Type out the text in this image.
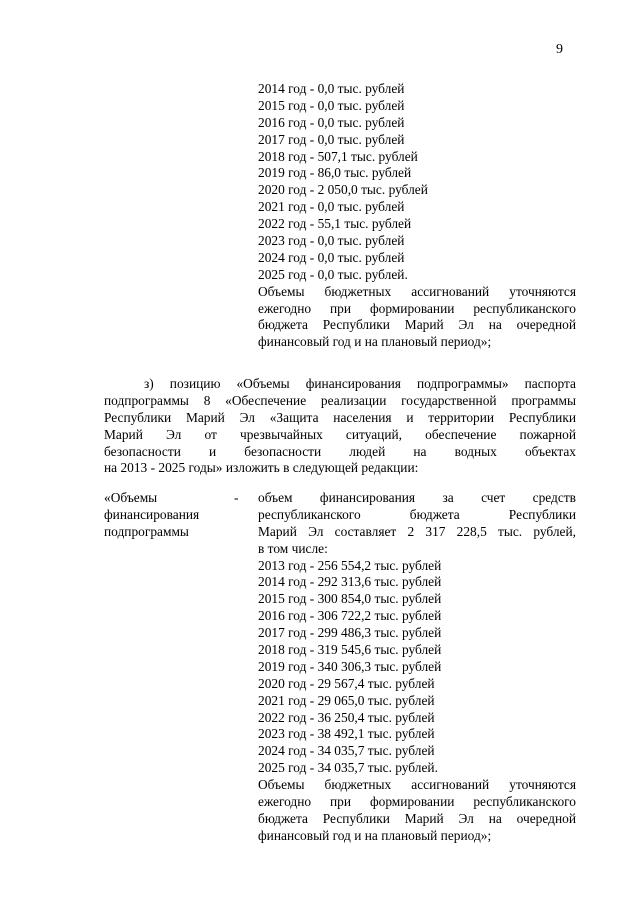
9
2014 год - 0,0 тыс. рублей
2015 год - 0,0 тыс. рублей
2016 год - 0,0 тыс. рублей
2017 год - 0,0 тыс. рублей
2018 год - 507,1 тыс. рублей
2019 год - 86,0 тыс. рублей
2020 год - 2 050,0 тыс. рублей
2021 год - 0,0 тыс. рублей
2022 год - 55,1 тыс. рублей
2023 год - 0,0 тыс. рублей
2024 год - 0,0 тыс. рублей
2025 год - 0,0 тыс. рублей.
Объемы бюджетных ассигнований уточняются
ежегодно при формировании республиканского
бюджета Республики Марий Эл на очередной
финансовый год и на плановый период»;
з) позицию «Объемы финансирования подпрограммы» паспорта
подпрограммы 8 «Обеспечение реализации государственной программы
Республики Марий Эл «Защита населения и территории Республики
Марий Эл от чрезвычайных ситуаций, обеспечение пожарной
безопасности и безопасности людей на водных объектах
на 2013 - 2025 годы» изложить в следующей редакции:
«Объемы
финансирования
подпрограммы
- объем финансирования за счет средств
республиканского бюджета Республики
Марий Эл составляет 2 317 228,5 тыс. рублей,
в том числе:
2013 год - 256 554,2 тыс. рублей
2014 год - 292 313,6 тыс. рублей
2015 год - 300 854,0 тыс. рублей
2016 год - 306 722,2 тыс. рублей
2017 год - 299 486,3 тыс. рублей
2018 год - 319 545,6 тыс. рублей
2019 год - 340 306,3 тыс. рублей
2020 год - 29 567,4 тыс. рублей
2021 год - 29 065,0 тыс. рублей
2022 год - 36 250,4 тыс. рублей
2023 год - 38 492,1 тыс. рублей
2024 год - 34 035,7 тыс. рублей
2025 год - 34 035,7 тыс. рублей.
Объемы бюджетных ассигнований уточняются
ежегодно при формировании республиканского
бюджета Республики Марий Эл на очередной
финансовый год и на плановый период»;
